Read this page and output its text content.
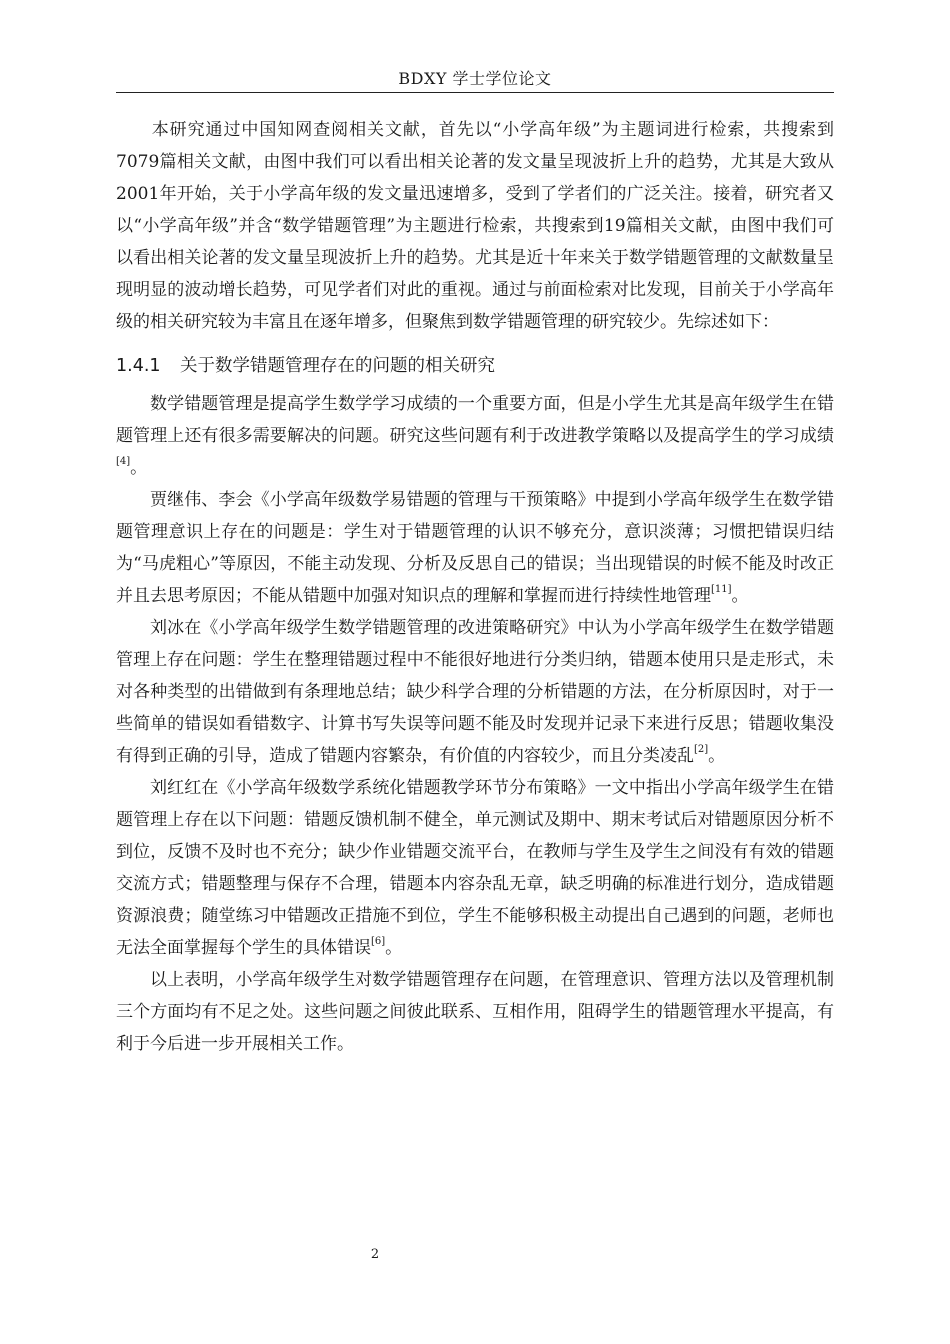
BDXY 学士学位论文

本研究通过中国知网查阅相关文献，首先以“小学高年级”为主题词进行检索，共搜索到7079篇相关文献，由图中我们可以看出相关论著的发文量呈现波折上升的趋势，尤其是大致从2001年开始，关于小学高年级的发文量迅速增多，受到了学者们的广泛关注。接着，研究者又以“小学高年级”并含“数学错题管理”为主题进行检索，共搜索到19篇相关文献，由图中我们可以看出相关论著的发文量呈现波折上升的趋势。尤其是近十年来关于数学错题管理的文献数量呈现明显的波动增长趋势，可见学者们对此的重视。通过与前面检索对比发现，目前关于小学高年级的相关研究较为丰富且在逐年增多，但聚焦到数学错题管理的研究较少。先综述如下：

1.4.1 关于数学错题管理存在的问题的相关研究

数学错题管理是提高学生数学学习成绩的一个重要方面，但是小学生尤其是高年级学生在错题管理上还有很多需要解决的问题。研究这些问题有利于改进教学策略以及提高学生的学习成绩[4]。

贾继伟、李会《小学高年级数学易错题的管理与干预策略》中提到小学高年级学生在数学错题管理意识上存在的问题是：学生对于错题管理的认识不够充分，意识淡薄；习惯把错误归结为“马虎粗心”等原因，不能主动发现、分析及反思自己的错误；当出现错误的时候不能及时改正并且去思考原因；不能从错题中加强对知识点的理解和掌握而进行持续性地管理[11]。

刘冰在《小学高年级学生数学错题管理的改进策略研究》中认为小学高年级学生在数学错题管理上存在问题：学生在整理错题过程中不能很好地进行分类归纳，错题本使用只是走形式，未对各种类型的出错做到有条理地总结；缺少科学合理的分析错题的方法，在分析原因时，对于一些简单的错误如看错数字、计算书写失误等问题不能及时发现并记录下来进行反思；错题收集没有得到正确的引导，造成了错题内容繁杂，有价值的内容较少，而且分类凌乱[2]。

刘红红在《小学高年级数学系统化错题教学环节分布策略》一文中指出小学高年级学生在错题管理上存在以下问题：错题反馈机制不健全，单元测试及期中、期末考试后对错题原因分析不到位，反馈不及时也不充分；缺少作业错题交流平台，在教师与学生及学生之间没有有效的错题交流方式；错题整理与保存不合理，错题本内容杂乱无章，缺乏明确的标准进行划分，造成错题资源浪费；随堂练习中错题改正措施不到位，学生不能够积极主动提出自己遇到的问题，老师也无法全面掌握每个学生的具体错误[6]。

以上表明，小学高年级学生对数学错题管理存在问题，在管理意识、管理方法以及管理机制三个方面均有不足之处。这些问题之间彼此联系、互相作用，阻碍学生的错题管理水平提高，有利于今后进一步开展相关工作。

2
